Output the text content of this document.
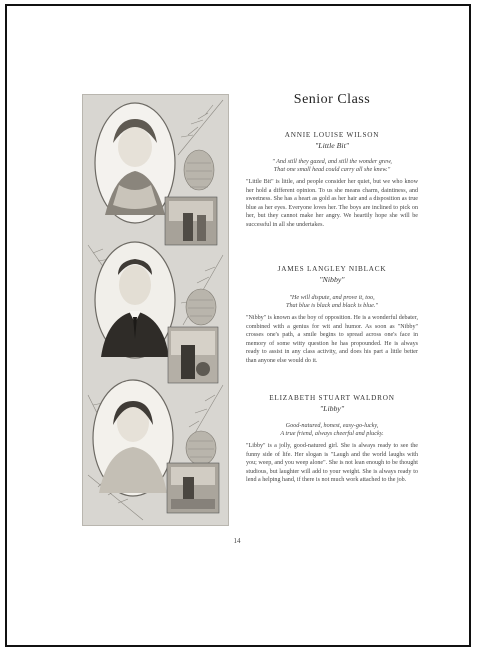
Senior Class
ANNIE LOUISE WILSON
"Little Bit"
" And still they gazed, and still the wonder grew,
That one small head could carry all she knew."
"Little Bit" is little, and people consider her quiet, but we who know her hold a different opinion. To us she means charm, daintiness, and sweetness. She has a heart as gold as her hair and a disposition as true blue as her eyes. Everyone loves her. The boys are inclined to pick on her, but they cannot make her angry. We heartily hope she will be successful in all she undertakes.
JAMES LANGLEY NIBLACK
"Nibby"
"He will dispute, and prove it, too,
That blue is black and black is blue."
"Nibby" is known as the boy of opposition. He is a wonderful debater, combined with a genius for wit and humor. As soon as "Nibby" crosses one's path, a smile begins to spread across one's face in memory of some witty question he has propounded. He is always ready to assist in any class activity, and does his part a little better than anyone else would do it.
ELIZABETH STUART WALDRON
"Libby"
Good-natured, honest, easy-go-lucky,
A true friend, always cheerful and plucky.
"Libby" is a jolly, good-natured girl. She is always ready to see the funny side of life. Her slogan is "Laugh and the world laughs with you; weep, and you weep alone". She is not lean enough to be thought studious, but laughter will add to your weight. She is always ready to lend a helping hand, if there is not much work attached to the job.
14
